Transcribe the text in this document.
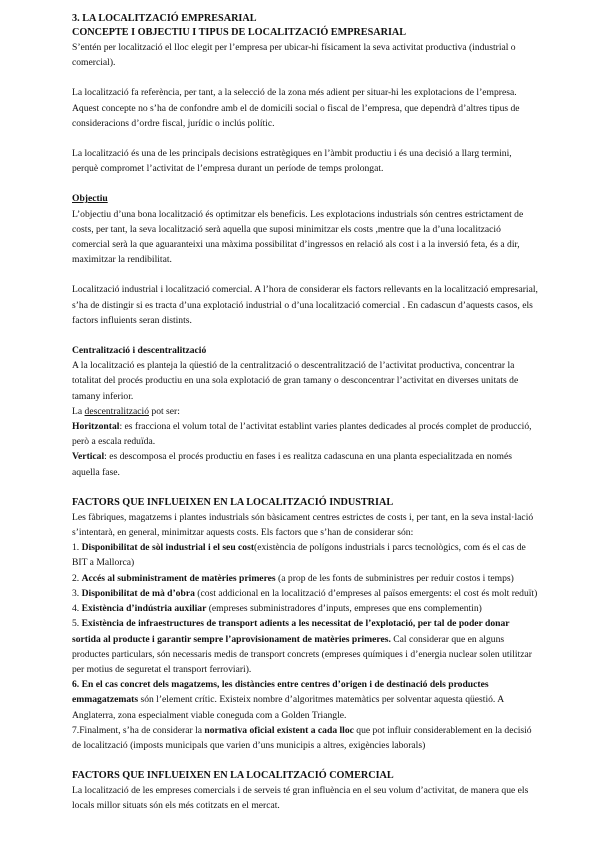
3. LA LOCALITZACIÓ EMPRESARIAL

CONCEPTE I OBJECTIU I TIPUS DE LOCALITZACIÓ EMPRESARIAL

S’entén per localització el lloc elegit per l’empresa per ubicar-hi físicament la seva activitat productiva (industrial o comercial).

La localització fa referència, per tant, a la selecció de la zona més adient per situar-hi les explotacions de l’empresa. Aquest concepte no s’ha de confondre amb el de domicili social o fiscal de l’empresa, que dependrà d’altres tipus de consideracions d’ordre fiscal, jurídic o inclús polític.

La localització és una de les principals decisions estratègiques en l’àmbit productiu i és una decisió a llarg termini, perquè compromet l’activitat de l’empresa durant un període de temps prolongat.

Objectiu

L’objectiu d’una bona localització és optimitzar els beneficis. Les explotacions industrials són centres estrictament de costs, per tant, la seva localització serà aquella que suposi minimitzar els costs ,mentre que la d’una localització comercial serà la que aguaranteixi una màxima possibilitat d’ingressos en relació als cost i a la inversió feta, és a dir, maximitzar la rendibilitat.

Localització industrial i localització comercial. A l’hora de considerar els factors rellevants en la localització empresarial, s’ha de distingir si es tracta d’una explotació industrial o d’una localització comercial . En cadascun d’aquests casos, els factors influients seran distints.

Centralització i descentralització

A la localització es planteja la qüestió de la centralització o descentralització de l’activitat productiva, concentrar la totalitat del procés productiu en una sola explotació de gran tamany o desconcentrar l’activitat en diverses unitats de tamany inferior.

La descentralització pot ser:

Horitzontal: es fracciona el volum total de l’activitat establint varies plantes dedicades al procés complet de producció, però a escala reduïda.

Vertical: es descomposa el procés productiu en fases i es realitza cadascuna en una planta especialitzada en només aquella fase.

FACTORS QUE INFLUEIXEN EN LA LOCALITZACIÓ INDUSTRIAL

Les fàbriques, magatzems i plantes industrials són bàsicament centres estrictes de costs i, per tant, en la seva instal·lació s’intentarà, en general, minimitzar aquests costs. Els factors que s’han de considerar són:

1. Disponibilitat de sòl industrial i el seu cost(existència de polígons industrials i parcs tecnològics, com és el cas de BIT a Mallorca)

2. Accés al subministrament de matèries primeres (a prop de les fonts de subministres per reduir costos i temps)

3. Disponibilitat de mà d’obra (cost addicional en la localització d’empreses al països emergents: el cost és molt reduït)

4. Existència d’indústria auxiliar (empreses subministradores d’inputs, empreses que ens complementin)

5. Existència de infraestructures de transport adients a les necessitat de l’explotació, per tal de poder donar sortida al producte i garantir sempre l’aprovisionament de matèries primeres. Cal considerar que en alguns productes particulars, són necessaris medis de transport concrets (empreses químiques i d’energia nuclear solen utilitzar per motius de seguretat el transport ferroviari).

6. En el cas concret dels magatzems, les distàncies entre centres d’origen i de destinació dels productes emmagatzemats són l’element crític. Existeix nombre d’algoritmes matemàtics per solventar aquesta qüestió. A Anglaterra, zona especialment viable coneguda com a Golden Triangle.

7.Finalment, s’ha de considerar la normativa oficial existent a cada lloc que pot influir considerablement en la decisió de localització (imposts municipals que varien d’uns municipis a altres, exigències laborals)

FACTORS QUE INFLUEIXEN EN LA LOCALITZACIÓ COMERCIAL

La localització de les empreses comercials i de serveis té gran influència en el seu volum d’activitat, de manera que els locals millor situats són els més cotitzats en el mercat.
